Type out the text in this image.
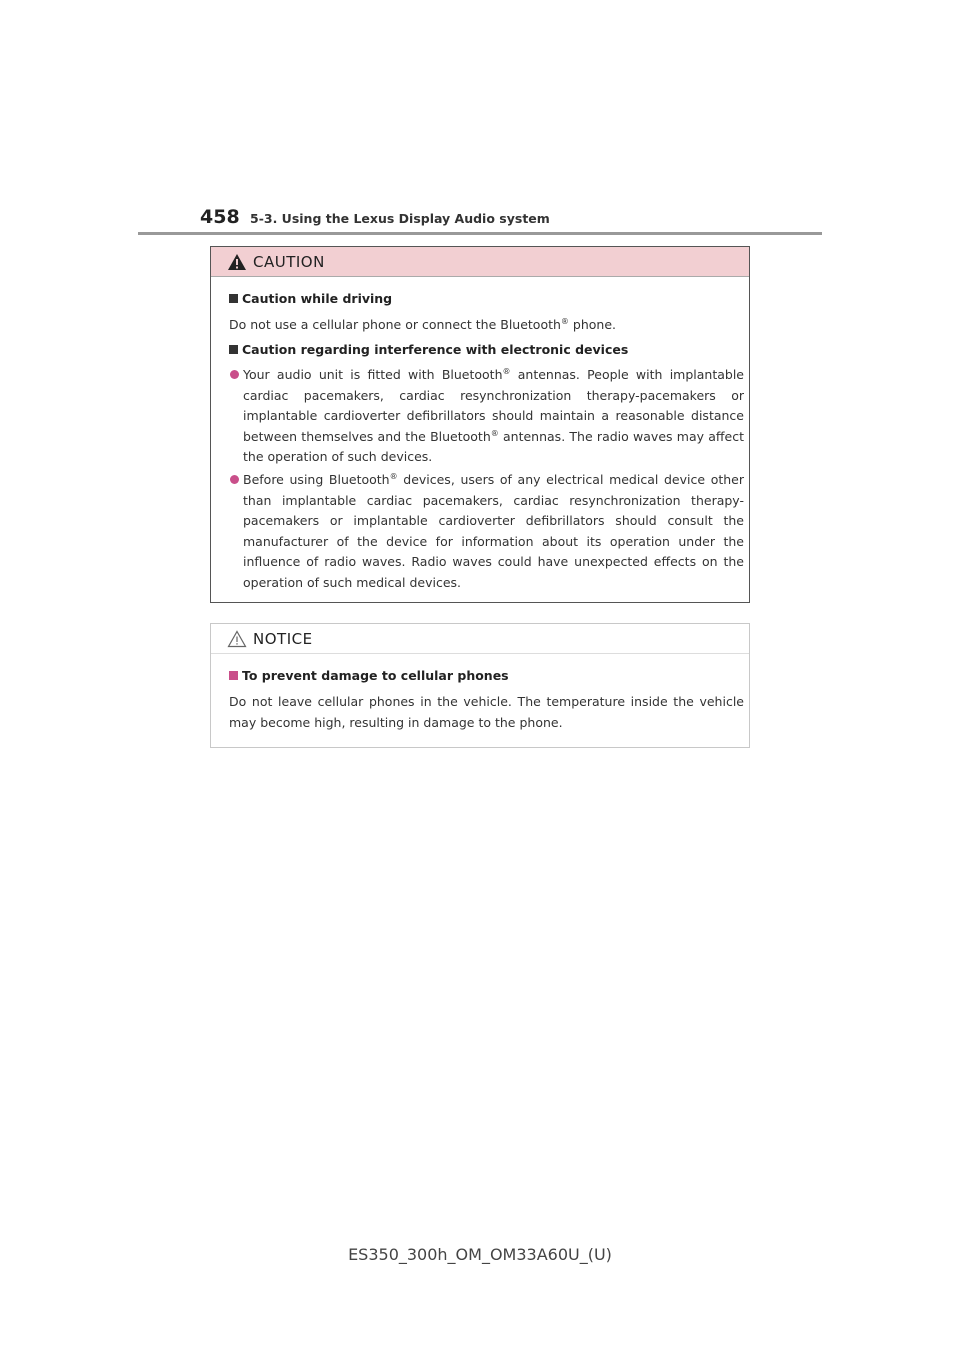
458 5-3. Using the Lexus Display Audio system
CAUTION
Caution while driving
Do not use a cellular phone or connect the Bluetooth® phone.
Caution regarding interference with electronic devices
Your audio unit is fitted with Bluetooth® antennas. People with implantable cardiac pacemakers, cardiac resynchronization therapy-pacemakers or implantable cardioverter defibrillators should maintain a reasonable distance between themselves and the Bluetooth® antennas. The radio waves may affect the operation of such devices.
Before using Bluetooth® devices, users of any electrical medical device other than implantable cardiac pacemakers, cardiac resynchronization therapy-pacemakers or implantable cardioverter defibrillators should consult the manufacturer of the device for information about its operation under the influence of radio waves. Radio waves could have unexpected effects on the operation of such medical devices.
NOTICE
To prevent damage to cellular phones
Do not leave cellular phones in the vehicle. The temperature inside the vehicle may become high, resulting in damage to the phone.
ES350_300h_OM_OM33A60U_(U)
